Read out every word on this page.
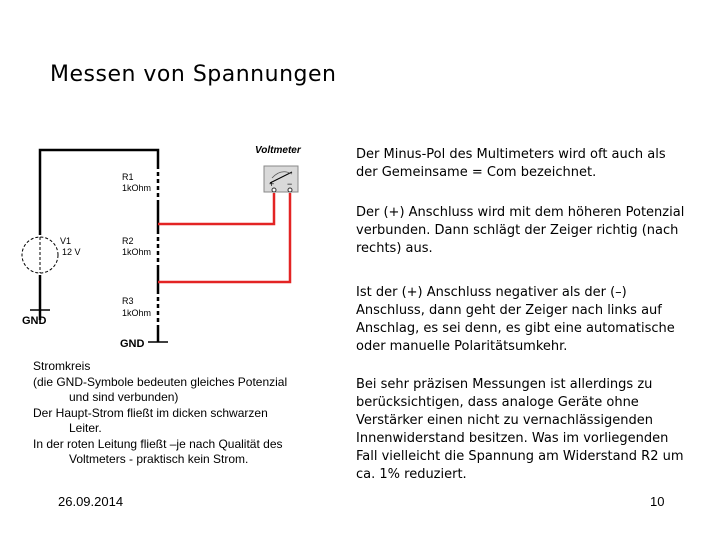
Messen von Spannungen
Voltmeter
+ −
R1
1kOhm
R2
1kOhm
R3
1kOhm
V1
12 V
GND
GND
Stromkreis
(die GND-Symbole bedeuten gleiches Potenzial
und sind verbunden)
Der Haupt-Strom fließt im dicken schwarzen
Leiter.
In der roten Leitung fließt –je nach Qualität des
Voltmeters - praktisch kein Strom.
Der Minus-Pol des Multimeters wird oft auch als der Gemeinsame = Com bezeichnet.
Der (+) Anschluss wird mit dem höheren Potenzial verbunden. Dann schlägt der Zeiger richtig (nach rechts) aus.
Ist der (+) Anschluss negativer als der (–) Anschluss, dann geht der Zeiger nach links auf Anschlag, es sei denn, es gibt eine automatische oder manuelle Polaritätsumkehr.
Bei sehr präzisen Messungen ist allerdings zu berücksichtigen, dass analoge Geräte ohne Verstärker einen nicht zu vernachlässigenden Innenwiderstand besitzen. Was im vorliegenden Fall vielleicht die Spannung am Widerstand R2 um ca. 1% reduziert.
26.09.2014	10
